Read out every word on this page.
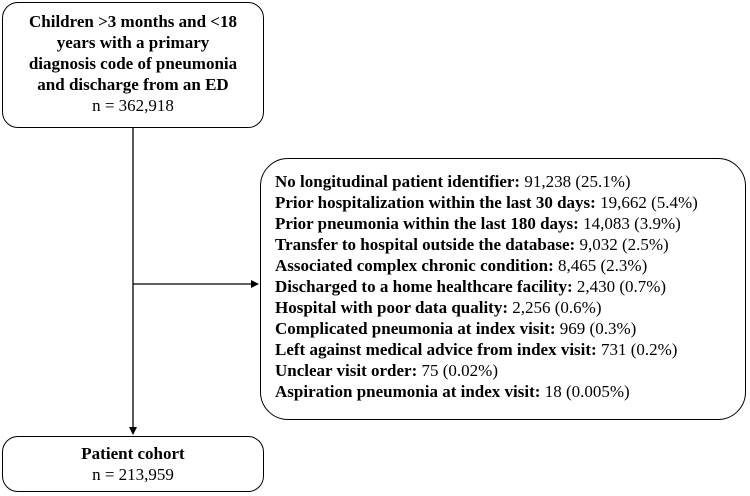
Children >3 months and <18
years with a primary
diagnosis code of pneumonia
and discharge from an ED
n = 362,918
No longitudinal patient identifier: 91,238 (25.1%)
Prior hospitalization within the last 30 days: 19,662 (5.4%)
Prior pneumonia within the last 180 days: 14,083 (3.9%)
Transfer to hospital outside the database: 9,032 (2.5%)
Associated complex chronic condition: 8,465 (2.3%)
Discharged to a home healthcare facility: 2,430 (0.7%)
Hospital with poor data quality: 2,256 (0.6%)
Complicated pneumonia at index visit: 969 (0.3%)
Left against medical advice from index visit: 731 (0.2%)
Unclear visit order: 75 (0.02%)
Aspiration pneumonia at index visit: 18 (0.005%)
Patient cohort
n = 213,959
